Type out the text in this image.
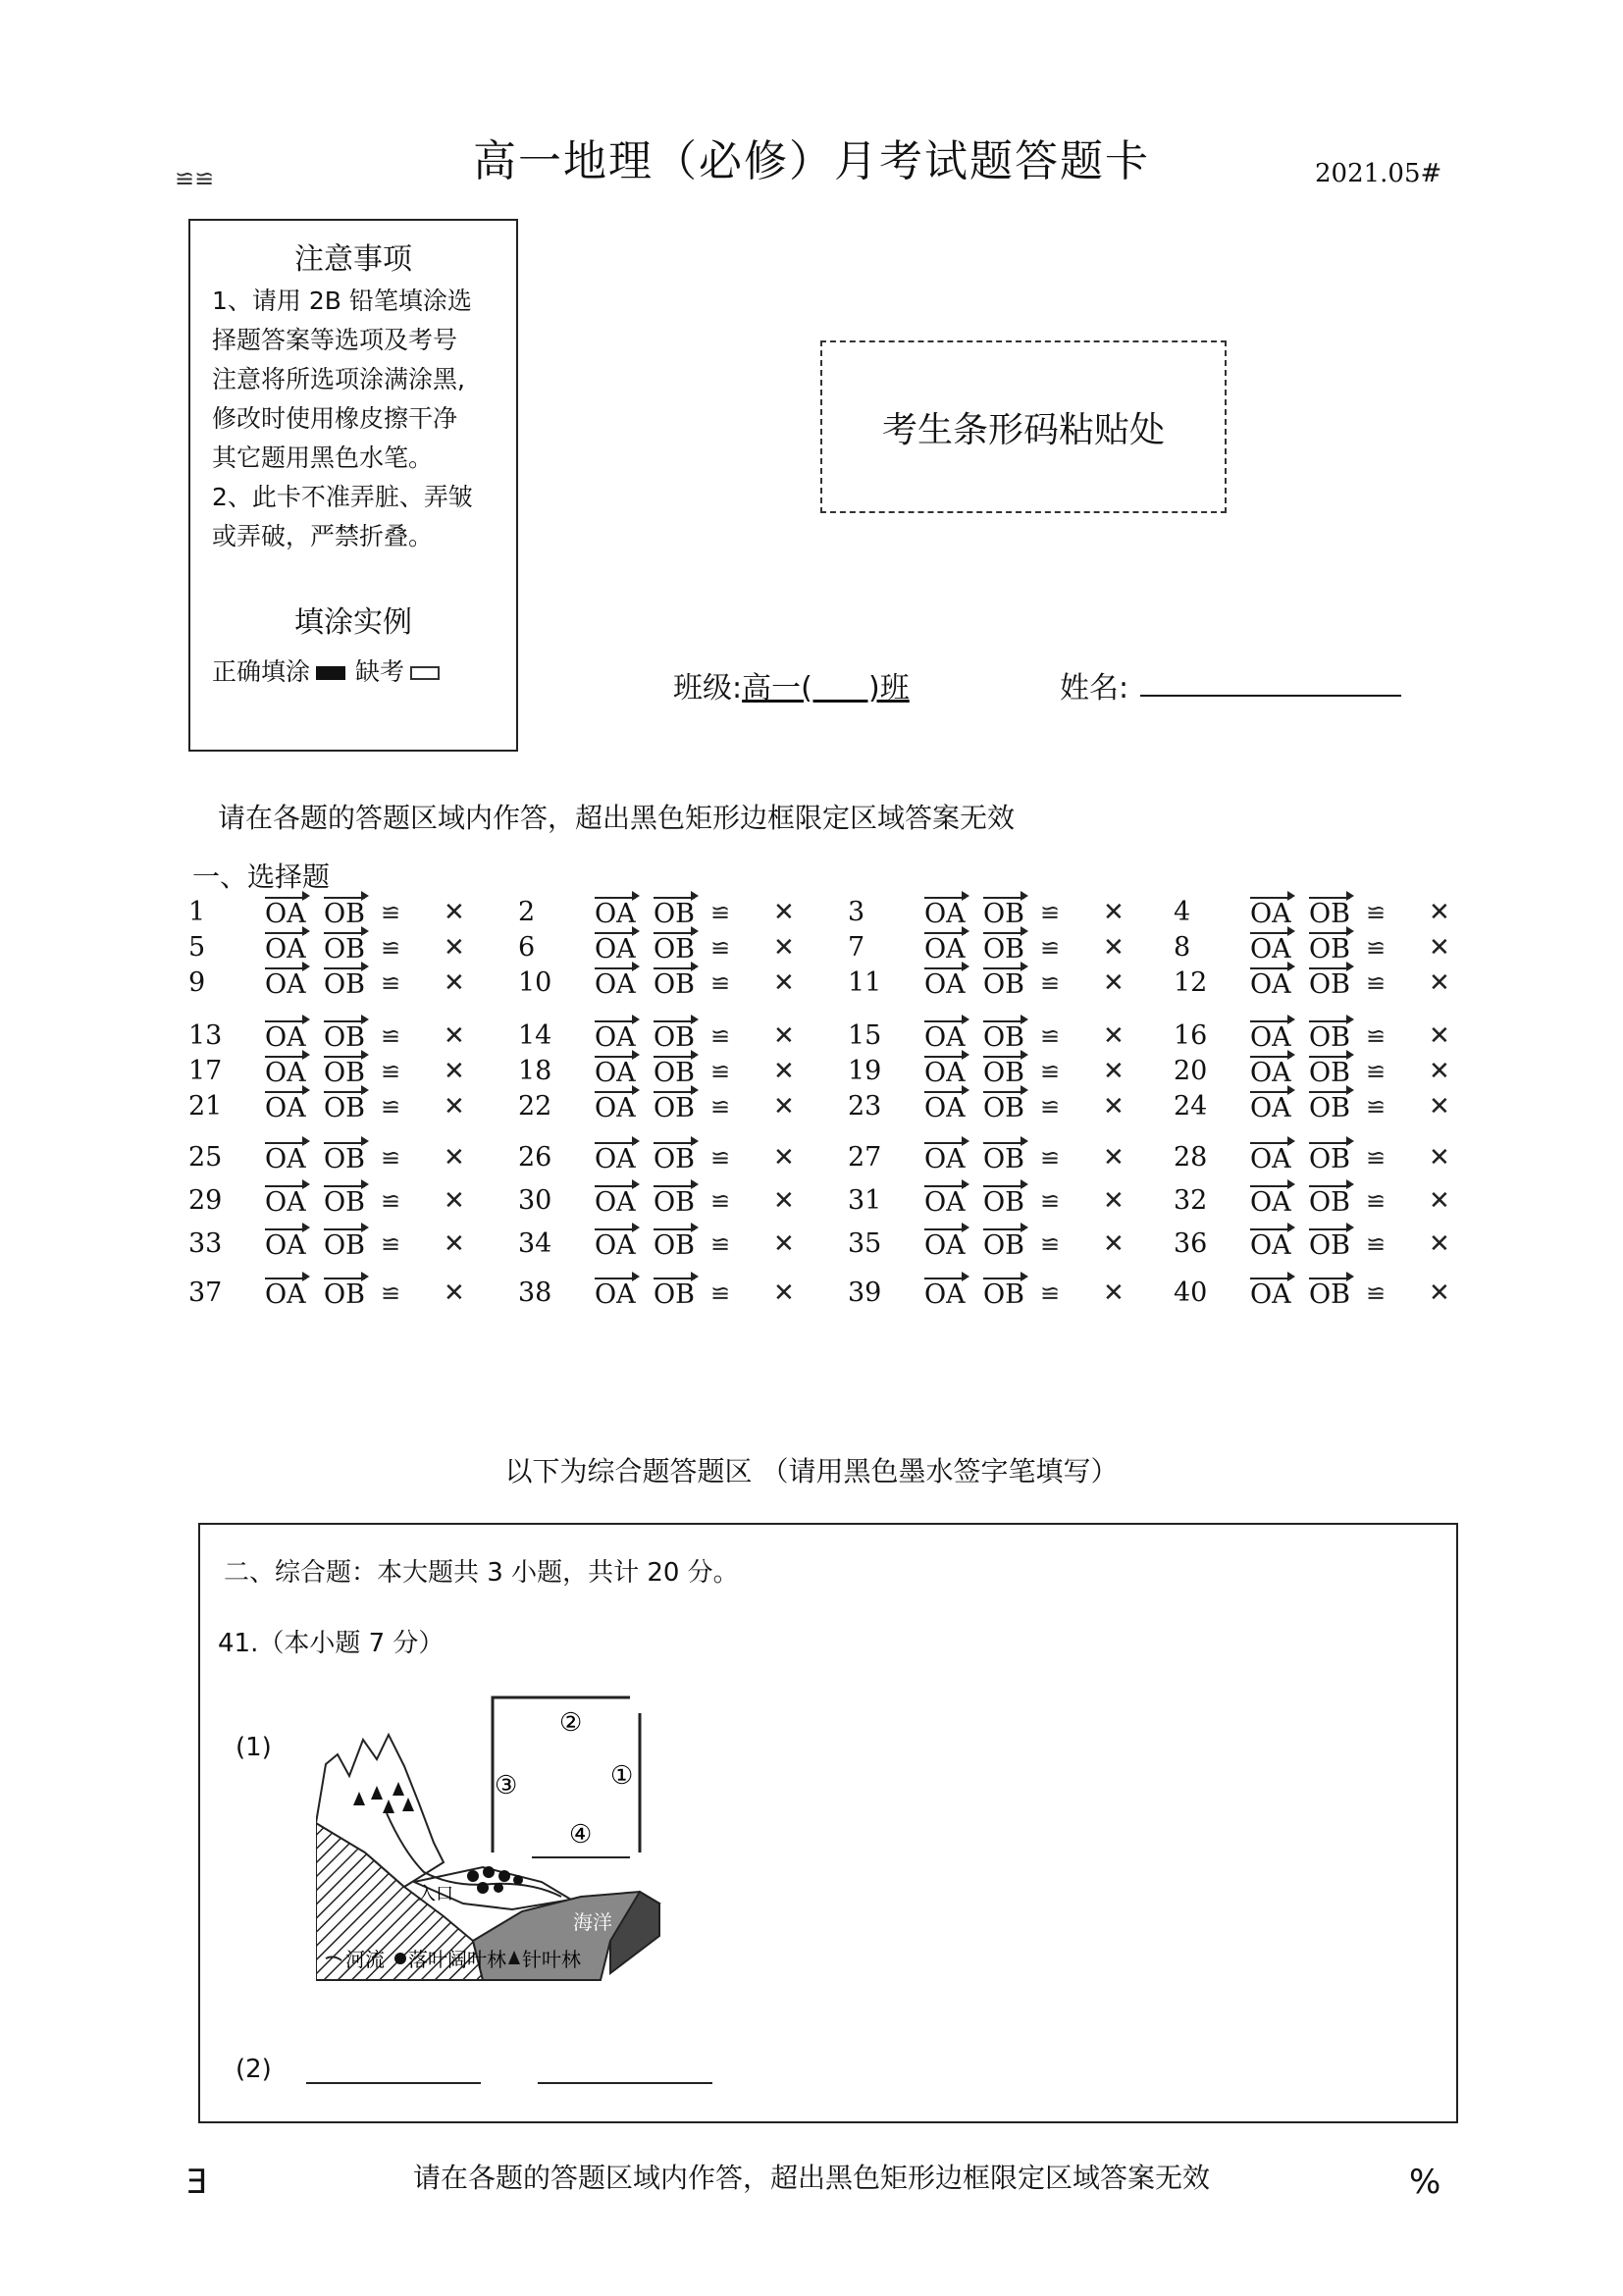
高一地理（必修）月考试题答题卡
≌≌	2021.05#
注意事项
1、请用 2B 铅笔填涂选
择题答案等选项及考号
注意将所选项涂满涂黑,
修改时使用橡皮擦干净
其它题用黑色水笔。
2、此卡不准弄脏、弄皱
或弄破，严禁折叠。
填涂实例
正确填涂 缺考
考生条形码粘贴处
班级:高一(      )班	姓名:
请在各题的答题区域内作答，超出黑色矩形边框限定区域答案无效
一、选择题
1 OA OB ≌ ✕ 2 OA OB ≌ ✕ 3 OA OB ≌ ✕ 4 OA OB ≌ ✕
5 OA OB ≌ ✕ 6 OA OB ≌ ✕ 7 OA OB ≌ ✕ 8 OA OB ≌ ✕
9 OA OB ≌ ✕ 10 OA OB ≌ ✕ 11 OA OB ≌ ✕ 12 OA OB ≌ ✕
13 OA OB ≌ ✕ 14 OA OB ≌ ✕ 15 OA OB ≌ ✕ 16 OA OB ≌ ✕
17 OA OB ≌ ✕ 18 OA OB ≌ ✕ 19 OA OB ≌ ✕ 20 OA OB ≌ ✕
21 OA OB ≌ ✕ 22 OA OB ≌ ✕ 23 OA OB ≌ ✕ 24 OA OB ≌ ✕
25 OA OB ≌ ✕ 26 OA OB ≌ ✕ 27 OA OB ≌ ✕ 28 OA OB ≌ ✕
29 OA OB ≌ ✕ 30 OA OB ≌ ✕ 31 OA OB ≌ ✕ 32 OA OB ≌ ✕
33 OA OB ≌ ✕ 34 OA OB ≌ ✕ 35 OA OB ≌ ✕ 36 OA OB ≌ ✕
37 OA OB ≌ ✕ 38 OA OB ≌ ✕ 39 OA OB ≌ ✕ 40 OA OB ≌ ✕
以下为综合题答题区 （请用黑色墨水签字笔填写）
二、综合题：本大题共 3 小题，共计 20 分。
41.（本小题 7 分）
(1)
②
③	①
④
入口
海洋
河流 落叶阔叶林 针叶林
(2)
请在各题的答题区域内作答，超出黑色矩形边框限定区域答案无效
Ǝ	%
